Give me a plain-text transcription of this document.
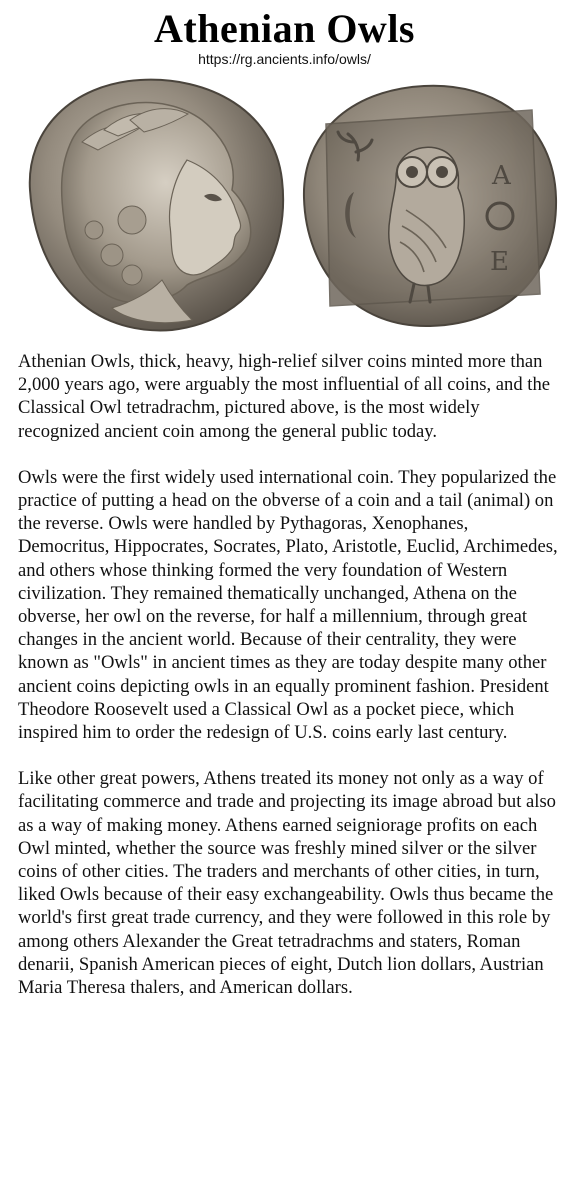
Athenian Owls
https://rg.ancients.info/owls/
Α
Ε

Athenian Owls, thick, heavy, high-relief silver coins minted more than 2,000 years ago, were arguably the most influential of all coins, and the Classical Owl tetradrachm, pictured above, is the most widely recognized ancient coin among the general public today.

Owls were the first widely used international coin. They popularized the practice of putting a head on the obverse of a coin and a tail (animal) on the reverse. Owls were handled by Pythagoras, Xenophanes, Democritus, Hippocrates, Socrates, Plato, Aristotle, Euclid, Archimedes, and others whose thinking formed the very foundation of Western civilization. They remained thematically unchanged, Athena on the obverse, her owl on the reverse, for half a millennium, through great changes in the ancient world. Because of their centrality, they were known as "Owls" in ancient times as they are today despite many other ancient coins depicting owls in an equally prominent fashion. President Theodore Roosevelt used a Classical Owl as a pocket piece, which inspired him to order the redesign of U.S. coins early last century.

Like other great powers, Athens treated its money not only as a way of facilitating commerce and trade and projecting its image abroad but also as a way of making money. Athens earned seigniorage profits on each Owl minted, whether the source was freshly mined silver or the silver coins of other cities. The traders and merchants of other cities, in turn, liked Owls because of their easy exchangeability. Owls thus became the world's first great trade currency, and they were followed in this role by among others Alexander the Great tetradrachms and staters, Roman denarii, Spanish American pieces of eight, Dutch lion dollars, Austrian Maria Theresa thalers, and American dollars.
